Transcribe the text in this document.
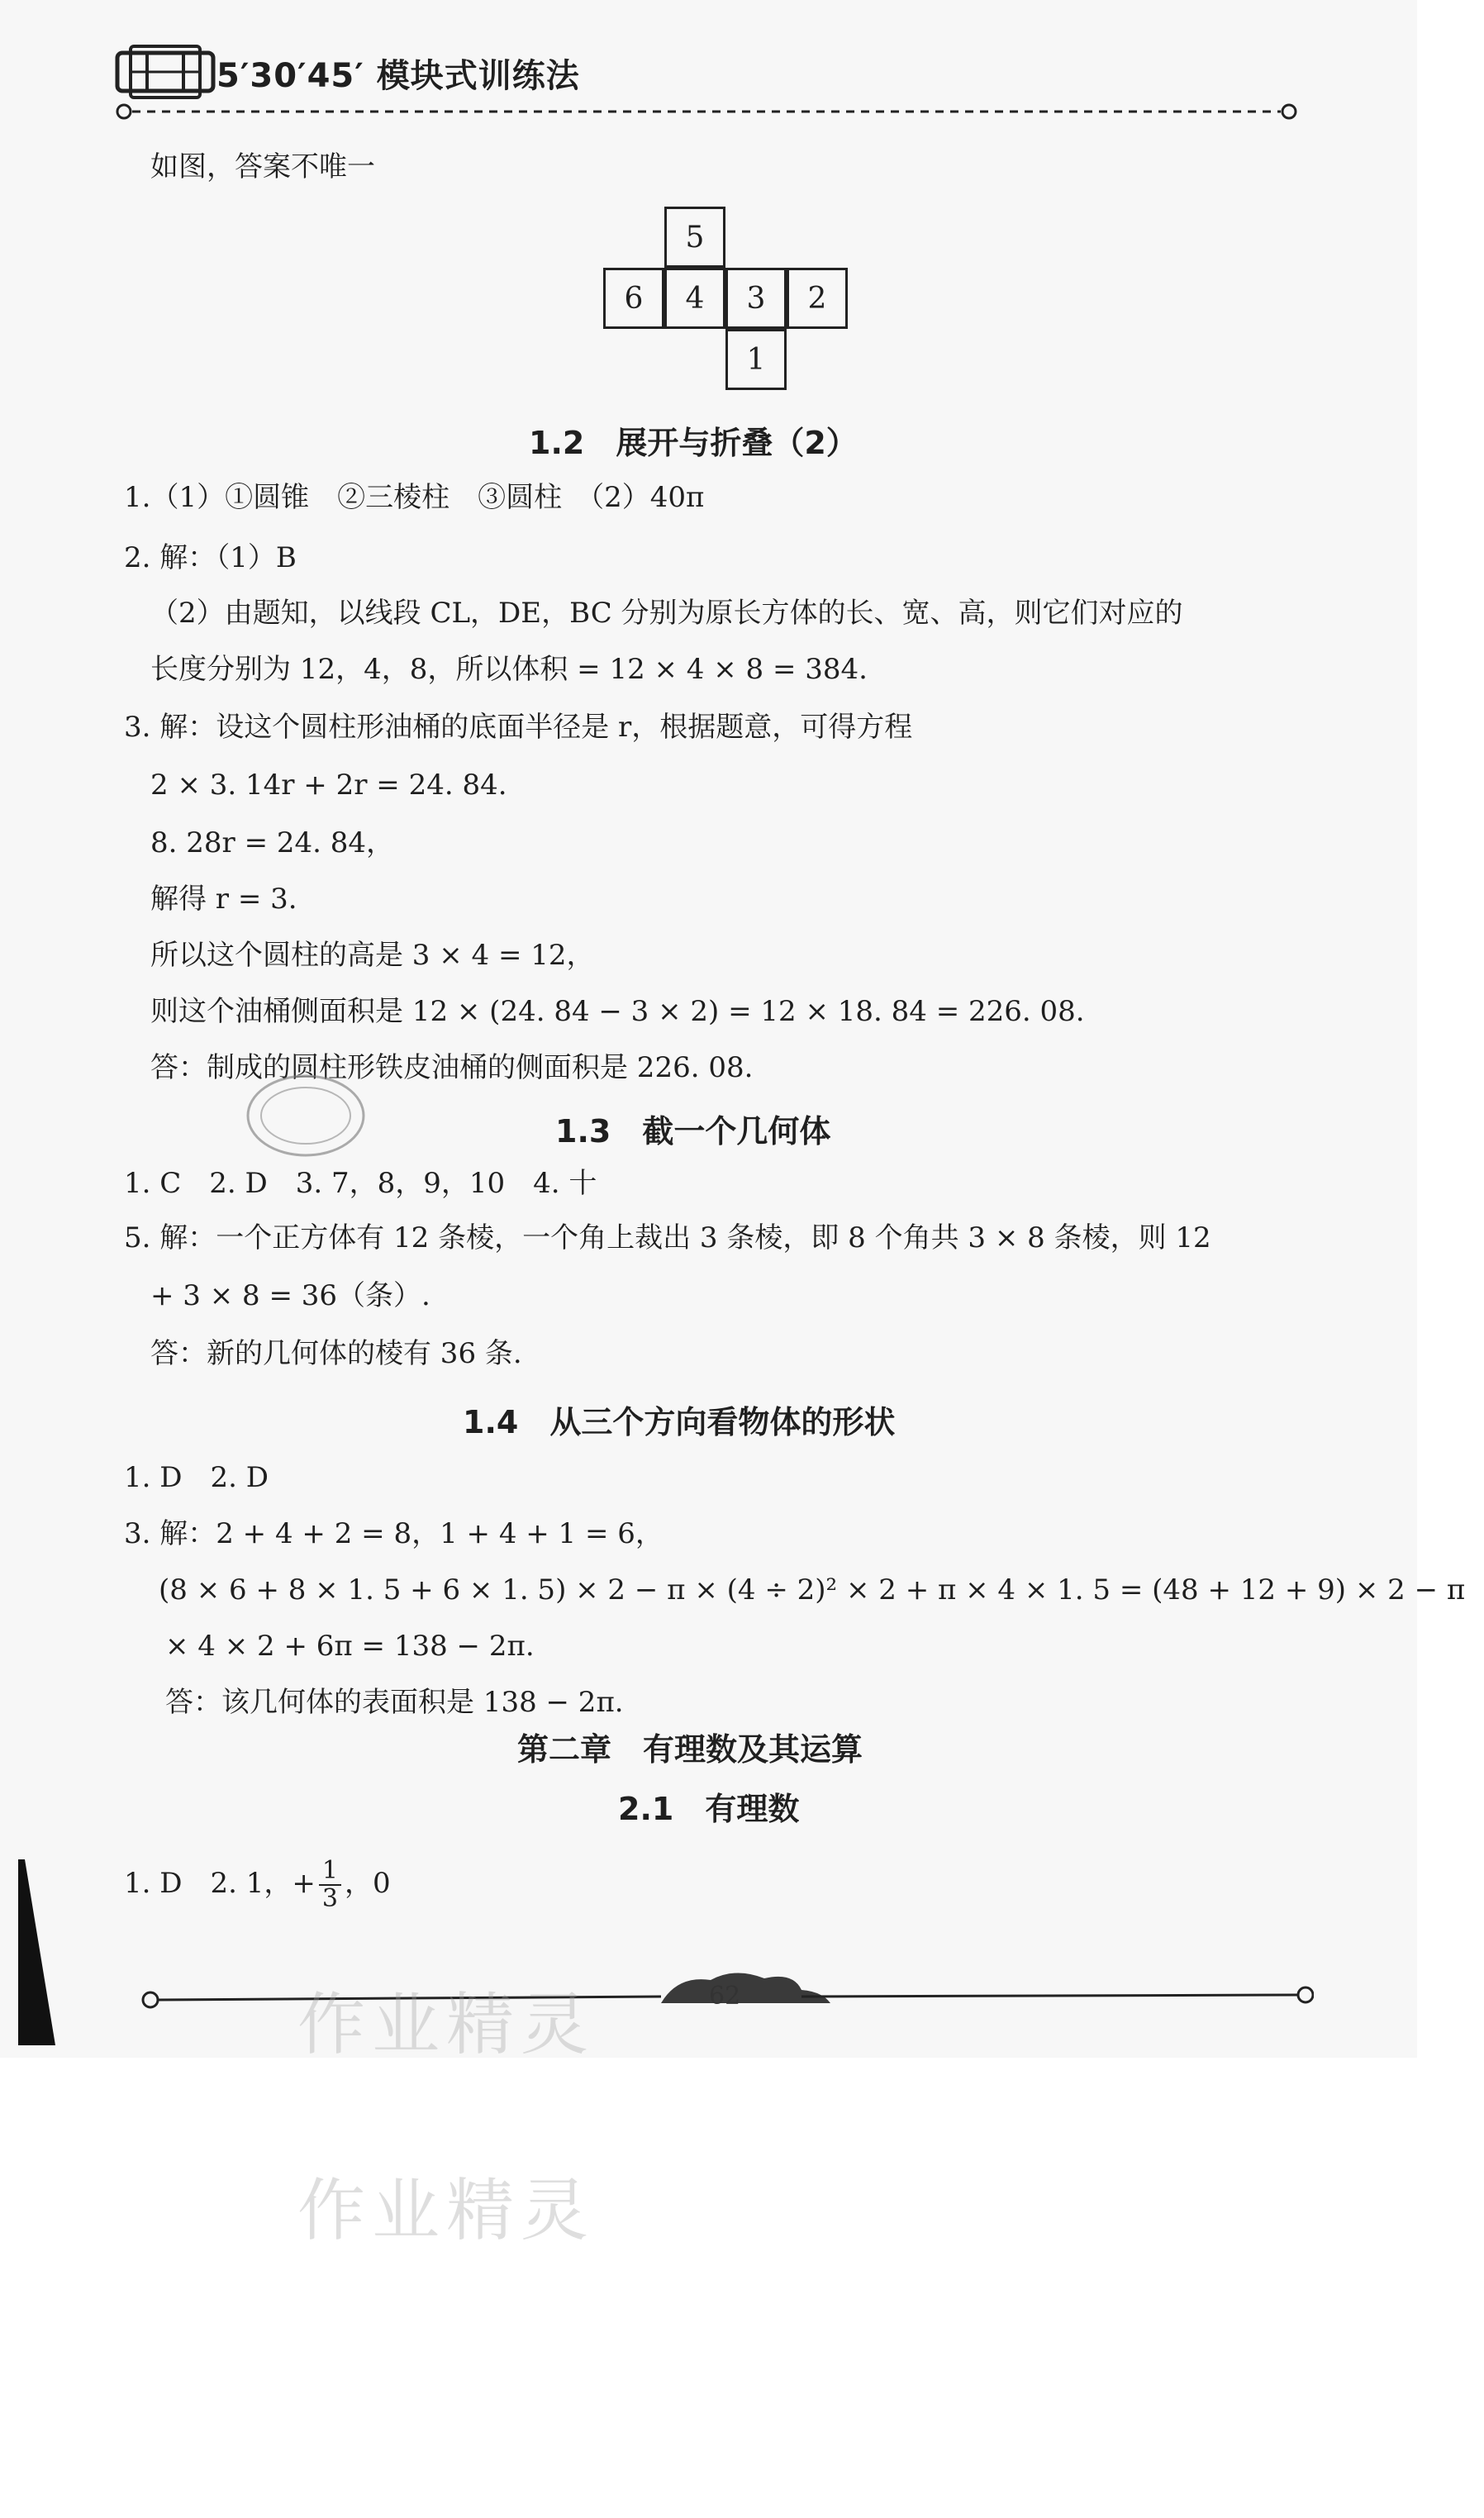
5′30′45′ 模块式训练法
如图，答案不唯一
5
6	4	3	2
1
1.2　展开与折叠（2）
1.（1）①圆锥　②三棱柱　③圆柱　（2）40π
2. 解：（1）B
（2）由题知，以线段 CL，DE，BC 分别为原长方体的长、宽、高，则它们对应的
长度分别为 12，4，8，所以体积 = 12 × 4 × 8 = 384.
3. 解：设这个圆柱形油桶的底面半径是 r，根据题意，可得方程
2 × 3. 14r + 2r = 24. 84.
8. 28r = 24. 84，
解得 r = 3.
所以这个圆柱的高是 3 × 4 = 12，
则这个油桶侧面积是 12 × (24. 84 − 3 × 2) = 12 × 18. 84 = 226. 08.
答：制成的圆柱形铁皮油桶的侧面积是 226. 08.
1.3　截一个几何体
1. C　2. D　3. 7，8，9，10　4. 十
5. 解：一个正方体有 12 条棱，一个角上裁出 3 条棱，即 8 个角共 3 × 8 条棱，则 12
+ 3 × 8 = 36（条）.
答：新的几何体的棱有 36 条.
1.4　从三个方向看物体的形状
1. D　2. D
3. 解：2 + 4 + 2 = 8，1 + 4 + 1 = 6，
(8 × 6 + 8 × 1. 5 + 6 × 1. 5) × 2 − π × (4 ÷ 2)² × 2 + π × 4 × 1. 5 = (48 + 12 + 9) × 2 − π
× 4 × 2 + 6π = 138 − 2π.
答：该几何体的表面积是 138 − 2π.
第二章　有理数及其运算
2.1　有理数
1. D　2. 1，+ $\frac{1}{3}$ ，0
62
作业精灵
作业精灵
